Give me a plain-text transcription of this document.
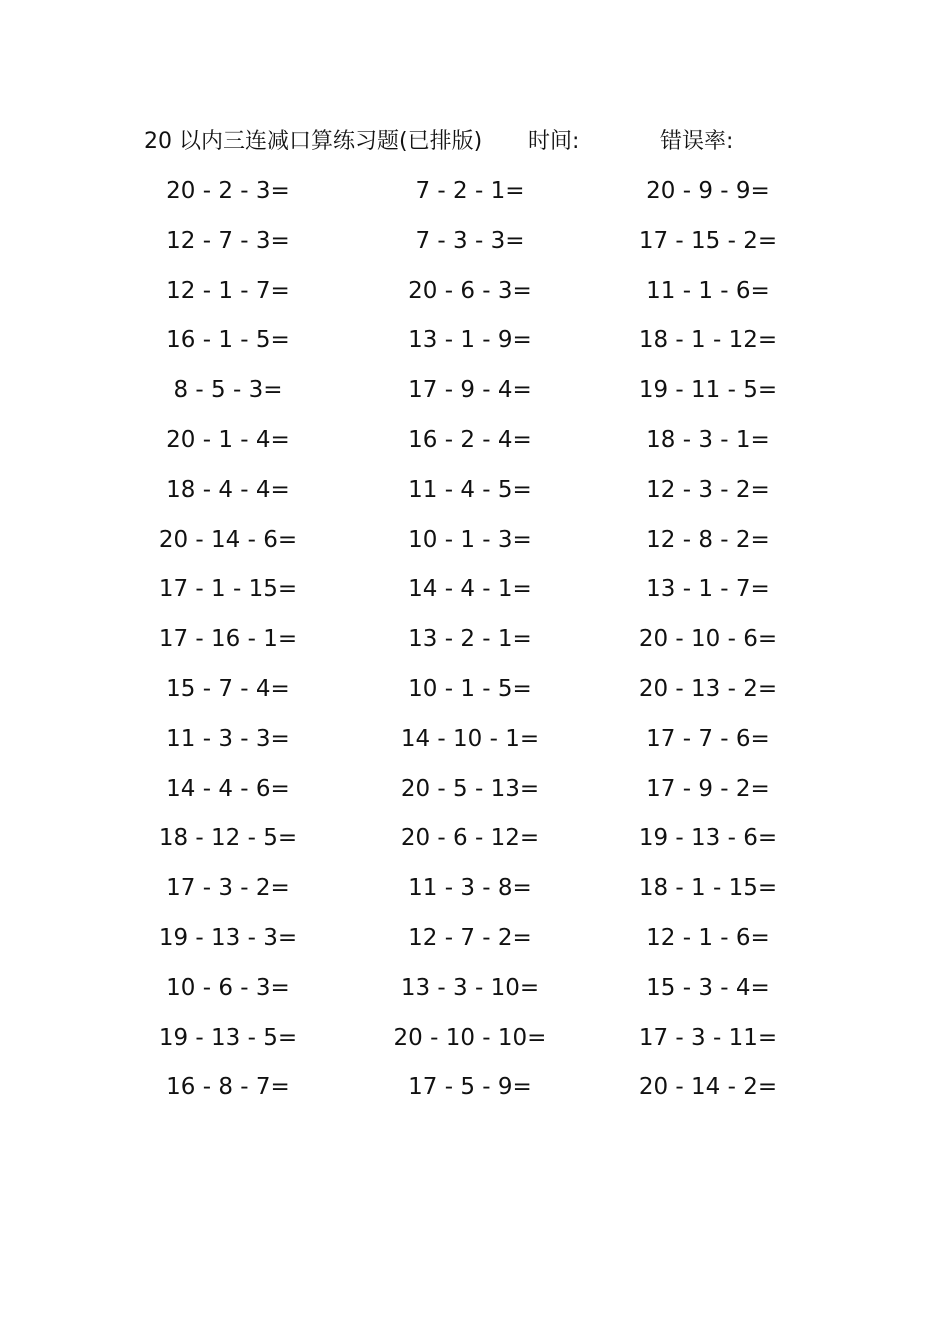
20 以内三连减口算练习题(已排版) 时间:	错误率:
20 - 2 - 3=	7 - 2 - 1=	20 - 9 - 9=
12 - 7 - 3=	7 - 3 - 3=	17 - 15 - 2=
12 - 1 - 7=	20 - 6 - 3=	11 - 1 - 6=
16 - 1 - 5=	13 - 1 - 9=	18 - 1 - 12=
8 - 5 - 3=	17 - 9 - 4=	19 - 11 - 5=
20 - 1 - 4=	16 - 2 - 4=	18 - 3 - 1=
18 - 4 - 4=	11 - 4 - 5=	12 - 3 - 2=
20 - 14 - 6=	10 - 1 - 3=	12 - 8 - 2=
17 - 1 - 15=	14 - 4 - 1=	13 - 1 - 7=
17 - 16 - 1=	13 - 2 - 1=	20 - 10 - 6=
15 - 7 - 4=	10 - 1 - 5=	20 - 13 - 2=
11 - 3 - 3=	14 - 10 - 1=	17 - 7 - 6=
14 - 4 - 6=	20 - 5 - 13=	17 - 9 - 2=
18 - 12 - 5=	20 - 6 - 12=	19 - 13 - 6=
17 - 3 - 2=	11 - 3 - 8=	18 - 1 - 15=
19 - 13 - 3=	12 - 7 - 2=	12 - 1 - 6=
10 - 6 - 3=	13 - 3 - 10=	15 - 3 - 4=
19 - 13 - 5=	20 - 10 - 10=	17 - 3 - 11=
16 - 8 - 7=	17 - 5 - 9=	20 - 14 - 2=
